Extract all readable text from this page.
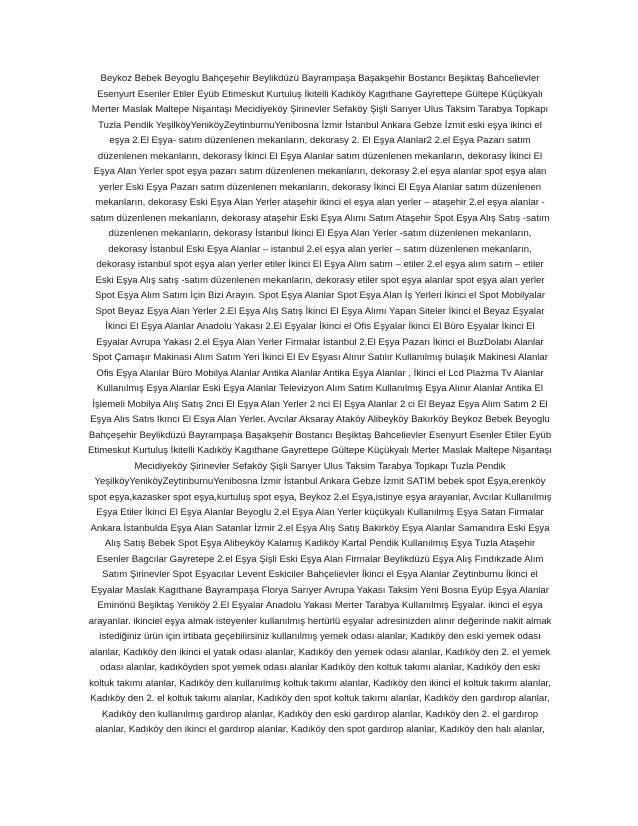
Beykoz Bebek Beyoglu Bahçeşehir Beylikdüzü Bayrampaşa Başakşehir Bostancı Beşiktaş Bahcelievler Esenyurt Esenler Etiler Eyüb Etimeskut Kurtuluş İkitelli Kadıköy Kagıthane Gayrettepe Gültepe Küçükyalı Merter Maslak Maltepe Nişantaşı Mecidiyeköy Şirinevler Sefaköy Şişli Sarıyer Ulus Taksim Tarabya Topkapı Tuzla Pendik YeşilköyYeniköyZeytinburnuYenibosna İzmir İstanbul Ankara Gebze İzmit eski eşya ikinci el eşya 2.El Eşya- satım düzenlenen mekanların, dekorasy 2. El Eşya Alanlar2 2.el Eşya Pazarı satım düzenlenen mekanların, dekorasy İkinci El Eşya Alanlar satım düzenlenen mekanların, dekorasy İkinci El Eşya Alan Yerler spot eşya pazarı satım düzenlenen mekanların, dekorasy 2.el eşya alanlar spot eşya alan yerler Eski Eşya Pazarı satım düzenlenen mekanların, dekorasy İkinci El Eşya Alanlar satım düzenlenen mekanların, dekorasy Eski Eşya Alan Yerler ataşehir ikinci el eşya alan yerler – ataşehir 2.el eşya alanlar -satım düzenlenen mekanların, dekorasy ataşehir Eski Eşya Alımı Satım Ataşehir Spot Eşya Alış Satış -satım düzenlenen mekanların, dekorasy İstanbul İkinci El Eşya Alan Yerler -satım düzenlenen mekanların, dekorasy İstanbul Eski Eşya Alanlar – istanbul 2.el eşya alan yerler – satım düzenlenen mekanların, dekorasy istanbul spot eşya alan yerler etiler İkinci El Eşya Alım satım – etiler 2.el eşya alım satım – etiler Eski Eşya Alış satış -satım düzenlenen mekanların, dekorasy etiler spot eşya alanlar spot eşya alan yerler Spot Eşya Alım Satım İçin Bizi Arayın. Spot Eşya Alanlar Spot Eşya Alan İş Yerleri İkinci el Spot Mobilyalar Spot Beyaz Eşya Alan Yerler 2.El Eşya Alış Satış İkinci El Eşya Alımı Yapan Siteler İkinci el Beyaz Eşyalar İkinci El Eşya Alanlar Anadolu Yakası 2.El Eşyalar İkinci el Ofis Eşyalar İkinci El Büro Eşyalar İkinci El Eşyalar Avrupa Yakası 2.el Eşya Alan Yerler Firmalar İstanbul 2.El Eşya Pazarı İkinci el BuzDolabı Alanlar Spot Çamaşır Makinası Alım Satım Yeri İkinci El Ev Eşyası Alınır Satılır Kullanılmış bulaşık Makinesi Alanlar Ofis Eşya Alanlar Büro Mobilya Alanlar Antika Alanlar Antika Eşya Alanlar , İkinci el Lcd Plazma Tv Alanlar Kullanılmış Eşya Alanlar Eski Eşya Alanlar Televizyon Alım Satım Kullanılmış Eşya Alınır Alanlar Antika El İşlemeli Mobilya Alış Satış 2nci El Eşya Alan Yerler 2 nci El Eşya Alanlar 2 ci El Beyaz Eşya Alım Satım 2 El Eşya Alıs Satıs Ikıncı El Esya Alan Yerler. Avcılar Aksaray Ataköy Alibeyköy Bakırköy Beykoz Bebek Beyoglu Bahçeşehir Beylikdüzü Bayrampaşa Başakşehir Bostancı Beşiktaş Bahcelievler Esenyurt Esenler Etiler Eyüb Etimeskut Kurtuluş İkitelli Kadıköy Kagıthane Gayrettepe Gültepe Küçükyalı Merter Maslak Maltepe Nişantaşı Mecidiyeköy Şirinevler Sefaköy Şişli Sarıyer Ulus Taksim Tarabya Topkapı Tuzla Pendik YeşilköyYeniköyZeytinburnuYenibosna İzmir İstanbul Ankara Gebze İzmit SATIM bebek spot Eşya,erenköy spot eşya,kazasker spot eşya,kurtuluş spot eşya, Beykoz 2.el Eşya,istinye eşya arayanlar, Avcılar Kullanılmış Eşya Etiler İkinci El Eşya Alanlar Beyoglu 2.el Eşya Alan Yerler küçükyalı Kullanılmış Eşya Satan Firmalar Ankara İstanbulda Eşya Alan Satanlar İzmir 2.el Eşya Alış Satış Bakirköy Eşya Alanlar Samandıra Eski Eşya Alış Satış Bebek Spot Eşya Alibeyköy Kalamış Kadiköy Kartal Pendik Kullanılmış Eşya Tuzla Ataşehir Esenler Bagcılar Gayretepe 2.el Eşya Şişli Eski Eşya Alan Firmalar Beylikdüzü Eşya Alış Fındıkzade Alım Satım Şirinevler Spot Eşyacılar Levent Eskiciler Bahçelievler İkinci el Eşya Alanlar Zeytinburnu İkinci el Eşyalar Maslak Kagıthane Bayrampaşa Florya Sarıyer Avrupa Yakası Taksim Yeni Bosna Eyüp Eşya Alanlar Eminönü Beşiktaş Yeniköy 2.El Eşyalar Anadolu Yakası Merter Tarabya Kullanılmış Eşyalar. ikinci el eşya arayanlar. ikinciel eşya almak isteyenler kullanılmış hertürlü eşyalar adresinizden alınır değerinde nakit almak istediğiniz ürün için irtibata geçebilirsiniz kullanılmış yemek odası alanlar, Kadıköy den eski yemek odası alanlar, Kadıköy den ikinci el yatak odası alanlar, Kadıköy den yemek odası alanlar, Kadıköy den 2. el yemek odası alanlar, kadıköyden spot yemek odası alanlar Kadıköy den koltuk takımı alanlar, Kadıköy den eski koltuk takımı alanlar, Kadıköy den kullanılmış koltuk takımı alanlar, Kadıköy den ikinci el koltuk takımı alanlar, Kadıköy den 2. el koltuk takımı alanlar, Kadıköy den spot koltuk takımı alanlar, Kadıköy den gardırop alanlar, Kadıköy den kullanılmış gardırop alanlar, Kadıköy den eski gardırop alanlar, Kadıköy den 2. el gardırop alanlar, Kadıköy den ikinci el gardırop alanlar, Kadıköy den spot gardırop alanlar, Kadıköy den halı alanlar,
